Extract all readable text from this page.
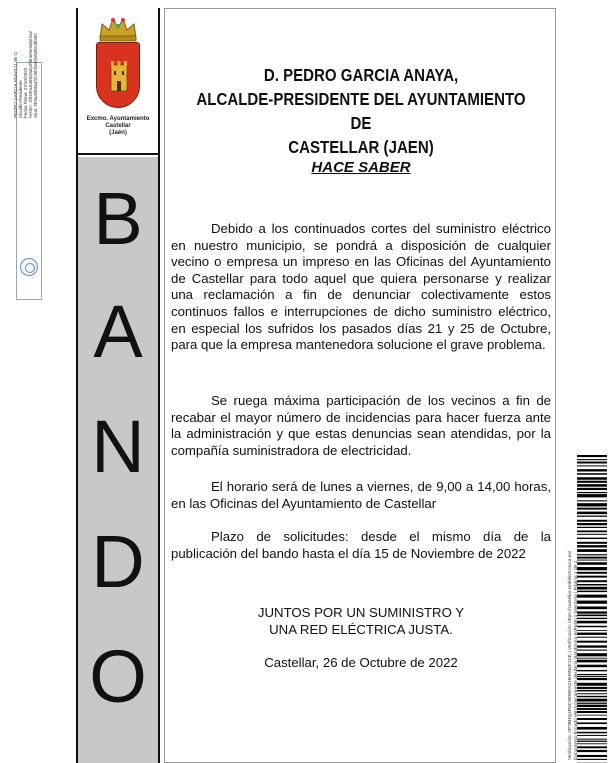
PEDRO GARCIA ANAYA (1 de 1) Alcalde-Presidente Fecha Firma: 27/10/2022 HASH: 1f0490c8468c8a51f0b4e5e9a6e2a2 Seal: 2b9a40bda4f2cf6bf4eb0ebd5cd0482
Excmo. Ayuntamiento
Castellar
(Jaén)
B
A
N
D
O
D. PEDRO GARCIA ANAYA,
ALCALDE-PRESIDENTE DEL AYUNTAMIENTO DE
CASTELLAR (JAEN)
HACE SABER

Debido a los continuados cortes del suministro eléctrico en nuestro municipio, se pondrá a disposición de cualquier vecino o empresa un impreso en las Oficinas del Ayuntamiento de Castellar para todo aquel que quiera personarse y realizar una reclamación a fin de denunciar colectivamente estos continuos fallos e interrupciones de dicho suministro eléctrico, en especial los sufridos los pasados días 21 y 25 de Octubre, para que la empresa mantenedora solucione el grave problema.

Se ruega máxima participación de los vecinos a fin de recabar el mayor número de incidencias para hacer fuerza ante la administración y que estas denuncias sean atendidas, por la compañía suministradora de electricidad.

El horario será de lunes a viernes, de 9,00 a 14,00 horas, en las Oficinas del Ayuntamiento de Castellar

Plazo de solicitudes: desde el mismo día de la publicación del bando hasta el día 15 de Noviembre de 2022

JUNTOS POR UN SUMINISTRO Y
UNA RED ELÉCTRICA JUSTA.
Castellar, 26 de Octubre de 2022	Verificación: 2P7BHQ4R6C99WDX2H6MN4F1CK | Verificación: https://castellar.sedelectronica.es/ Documento firmado electrónicamente desde la plataforma esPublico Gestiona | Página 1 de 1
